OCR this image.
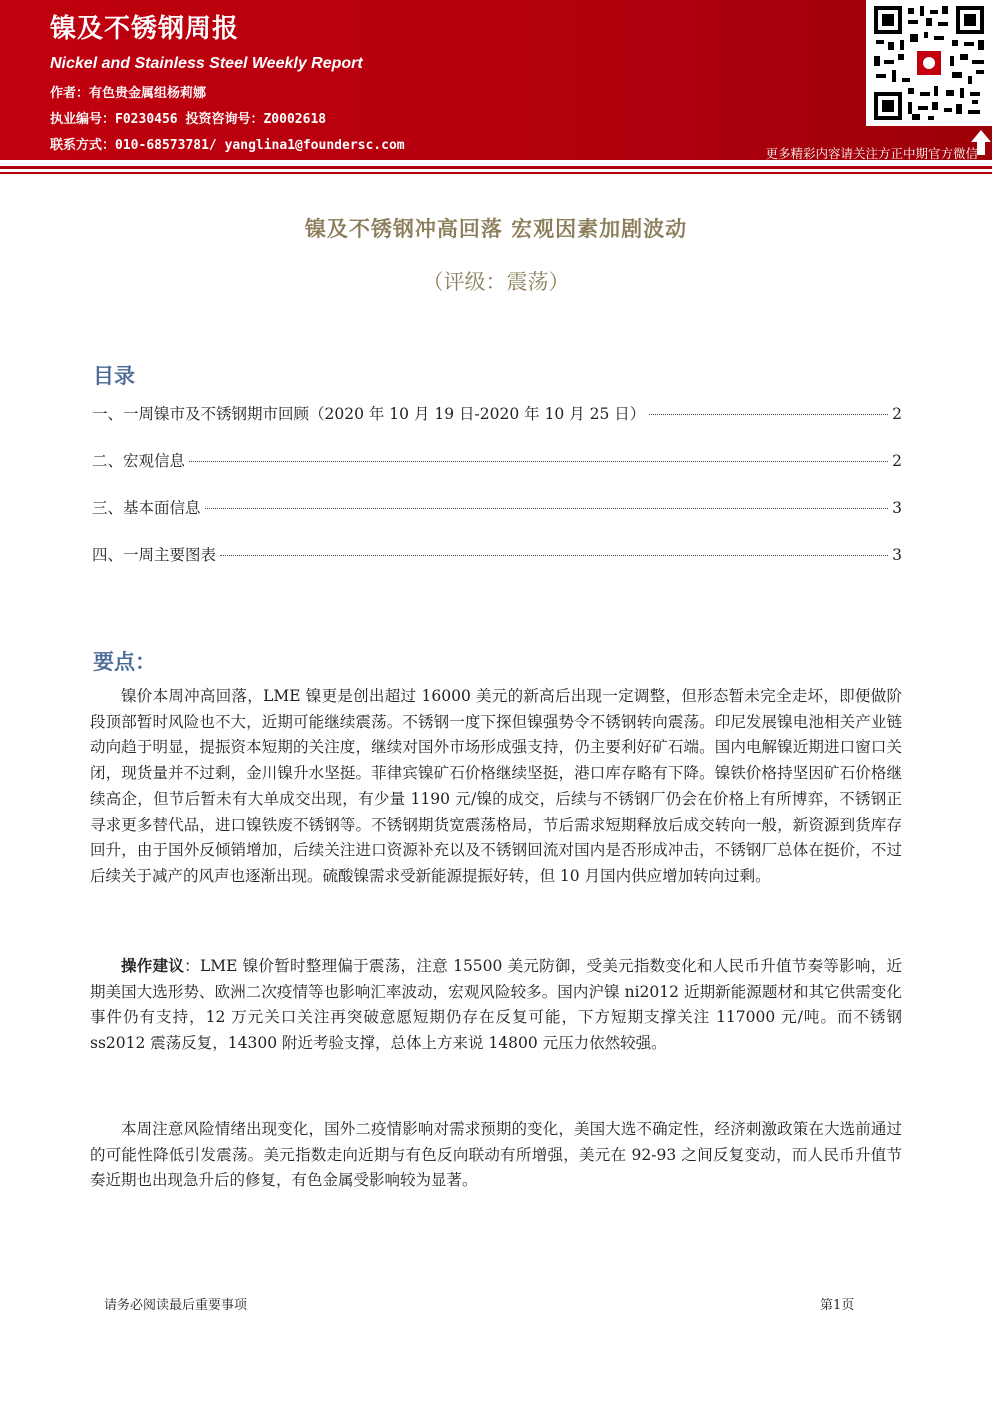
镍及不锈钢周报
Nickel and Stainless Steel Weekly Report
作者：有色贵金属组杨莉娜
执业编号：F0230456 投资咨询号：Z0002618
联系方式：010-68573781/ yanglina1@foundersc.com
更多精彩内容请关注方正中期官方微信
镍及不锈钢冲高回落 宏观因素加剧波动
（评级：震荡）
目录
一、一周镍市及不锈钢期市回顾（2020 年 10 月 19 日-2020 年 10 月 25 日）	2
二、宏观信息	2
三、基本面信息	3
四、一周主要图表	3
要点：
镍价本周冲高回落，LME 镍更是创出超过 16000 美元的新高后出现一定调整，但形态暂未完全走坏，即便做阶段顶部暂时风险也不大，近期可能继续震荡。不锈钢一度下探但镍强势令不锈钢转向震荡。印尼发展镍电池相关产业链动向趋于明显，提振资本短期的关注度，继续对国外市场形成强支持，仍主要利好矿石端。国内电解镍近期进口窗口关闭，现货量并不过剩，金川镍升水坚挺。菲律宾镍矿石价格继续坚挺，港口库存略有下降。镍铁价格持坚因矿石价格继续高企，但节后暂未有大单成交出现，有少量 1190 元/镍的成交，后续与不锈钢厂仍会在价格上有所博弈，不锈钢正寻求更多替代品，进口镍铁废不锈钢等。不锈钢期货宽震荡格局，节后需求短期释放后成交转向一般，新资源到货库存回升，由于国外反倾销增加，后续关注进口资源补充以及不锈钢回流对国内是否形成冲击，不锈钢厂总体在挺价，不过后续关于减产的风声也逐渐出现。硫酸镍需求受新能源提振好转，但 10 月国内供应增加转向过剩。
操作建议：LME 镍价暂时整理偏于震荡，注意 15500 美元防御，受美元指数变化和人民币升值节奏等影响，近期美国大选形势、欧洲二次疫情等也影响汇率波动，宏观风险较多。国内沪镍 ni2012 近期新能源题材和其它供需变化事件仍有支持，12 万元关口关注再突破意愿短期仍存在反复可能，下方短期支撑关注 117000 元/吨。而不锈钢 ss2012 震荡反复，14300 附近考验支撑，总体上方来说 14800 元压力依然较强。
本周注意风险情绪出现变化，国外二疫情影响对需求预期的变化，美国大选不确定性，经济刺激政策在大选前通过的可能性降低引发震荡。美元指数走向近期与有色反向联动有所增强，美元在 92-93 之间反复变动，而人民币升值节奏近期也出现急升后的修复，有色金属受影响较为显著。
请务必阅读最后重要事项	第1页
